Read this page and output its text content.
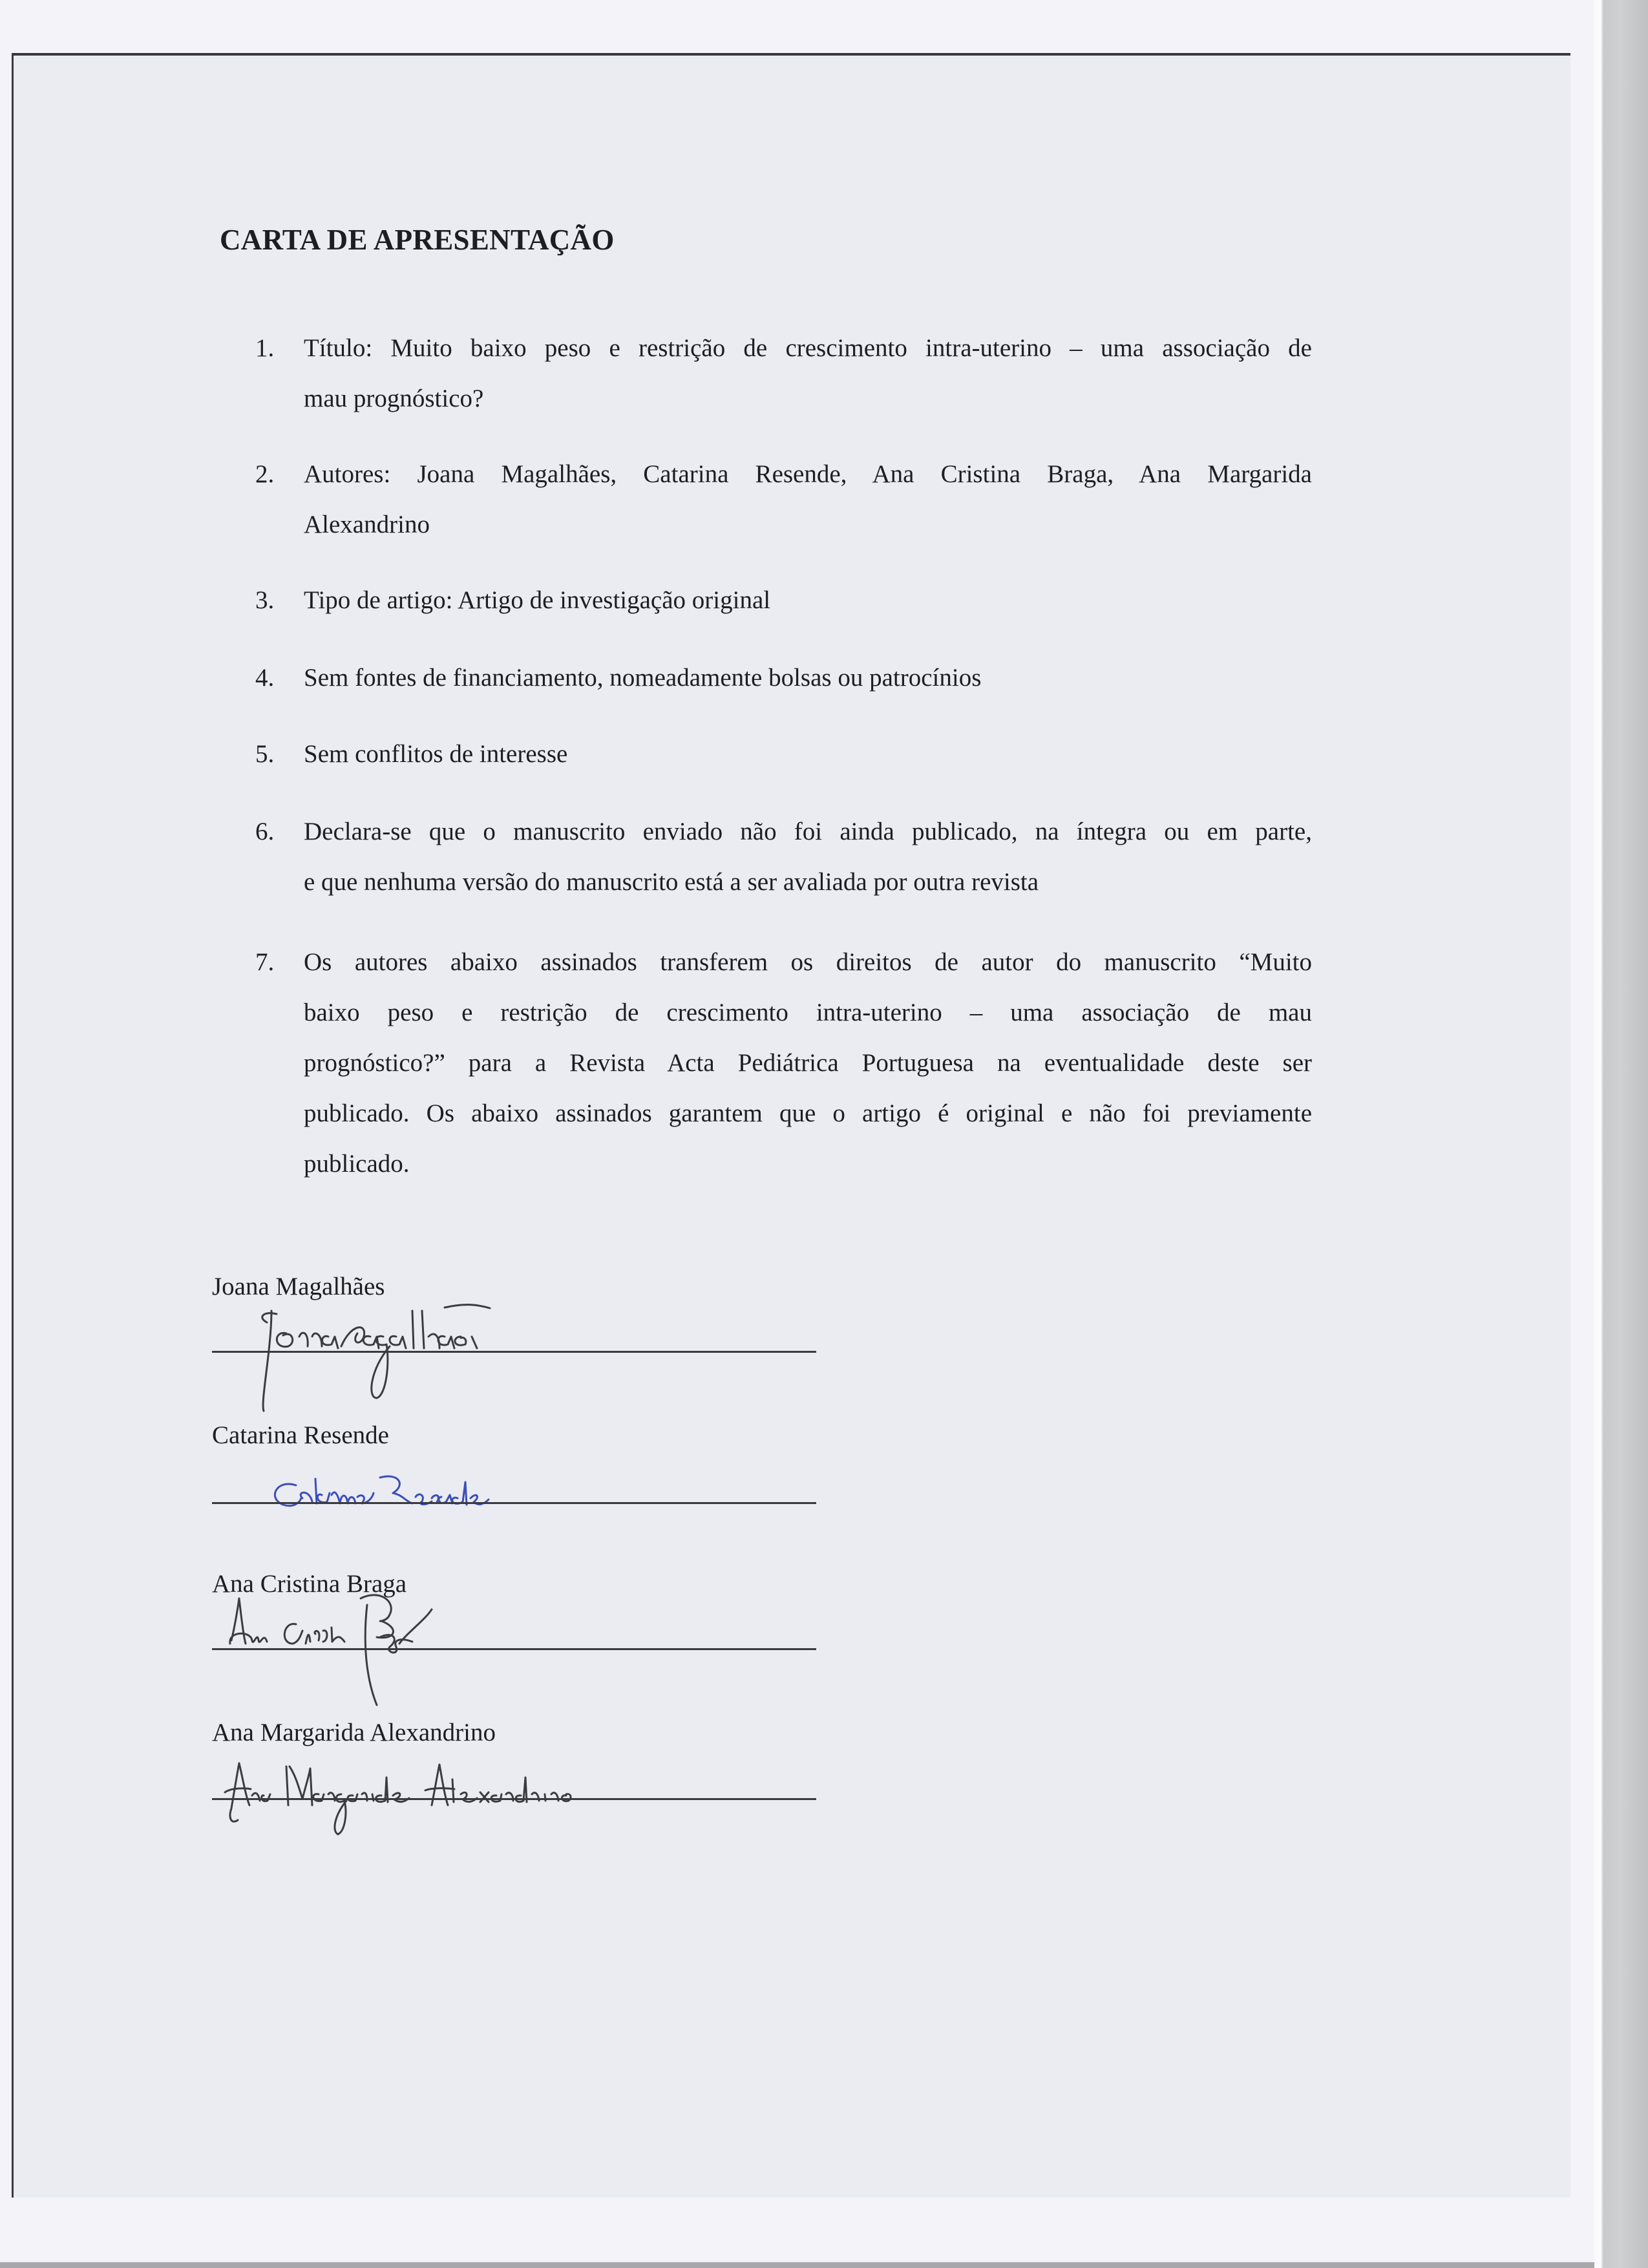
CARTA DE APRESENTAÇÃO
1.	Título: Muito baixo peso e restrição de crescimento intra-uterino – uma associação de
mau prognóstico?
2.	Autores: Joana Magalhães, Catarina Resende, Ana Cristina Braga, Ana Margarida
Alexandrino
3.	Tipo de artigo: Artigo de investigação original
4.	Sem fontes de financiamento, nomeadamente bolsas ou patrocínios
5.	Sem conflitos de interesse
6.	Declara-se que o manuscrito enviado não foi ainda publicado, na íntegra ou em parte,
e que nenhuma versão do manuscrito está a ser avaliada por outra revista
7.	Os autores abaixo assinados transferem os direitos de autor do manuscrito “Muito
baixo peso e restrição de crescimento intra-uterino – uma associação de mau
prognóstico?” para a Revista Acta Pediátrica Portuguesa na eventualidade deste ser
publicado. Os abaixo assinados garantem que o artigo é original e não foi previamente
publicado.
Joana Magalhães
Catarina Resende
Ana Cristina Braga
Ana Margarida Alexandrino
